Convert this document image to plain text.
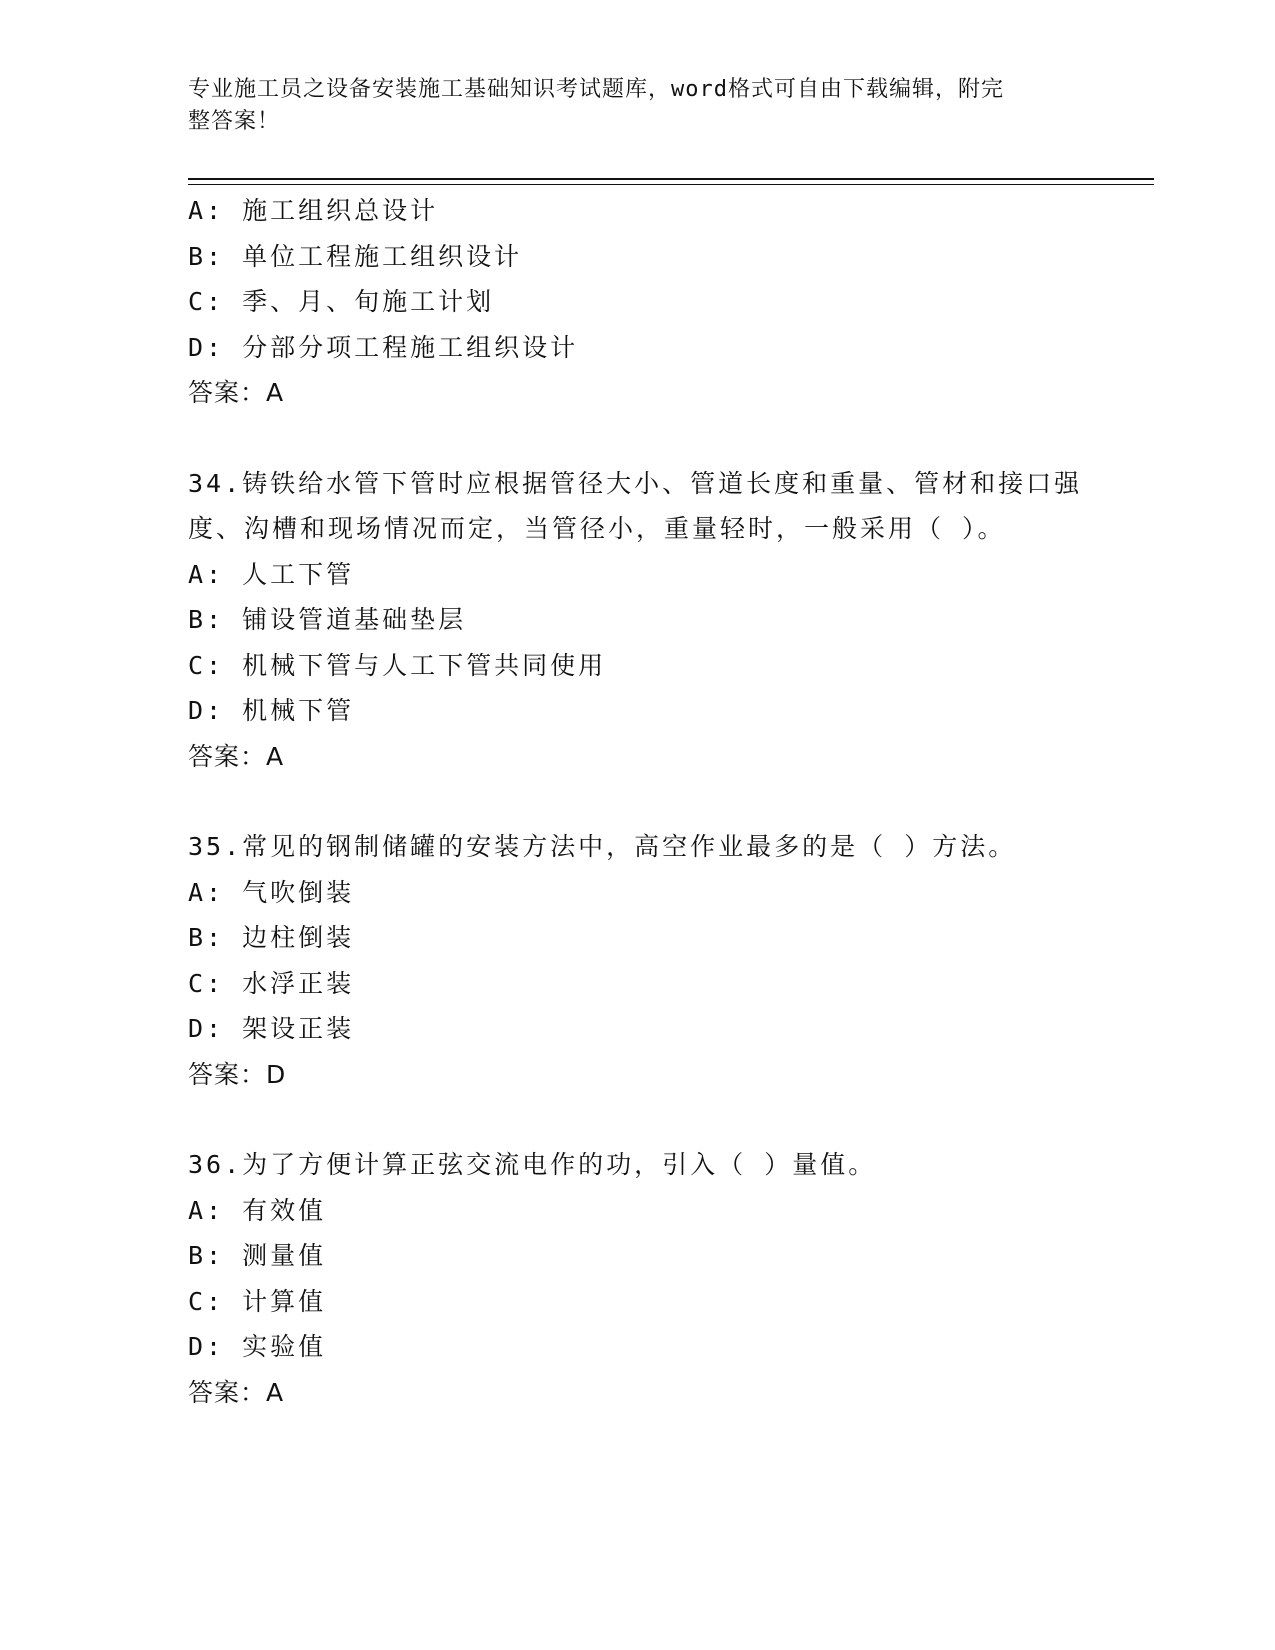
专业施工员之设备安装施工基础知识考试题库，word格式可自由下载编辑，附完
整答案！
A: 施工组织总设计
B: 单位工程施工组织设计
C: 季、月、旬施工计划
D: 分部分项工程施工组织设计
答案：A
34.铸铁给水管下管时应根据管径大小、管道长度和重量、管材和接口强度、沟槽和现场情况而定，当管径小，重量轻时，一般采用（ ）。
A: 人工下管
B: 铺设管道基础垫层
C: 机械下管与人工下管共同使用
D: 机械下管
答案：A
35.常见的钢制储罐的安装方法中，高空作业最多的是（ ）方法。
A: 气吹倒装
B: 边柱倒装
C: 水浮正装
D: 架设正装
答案：D
36.为了方便计算正弦交流电作的功，引入（ ）量值。
A: 有效值
B: 测量值
C: 计算值
D: 实验值
答案：A
